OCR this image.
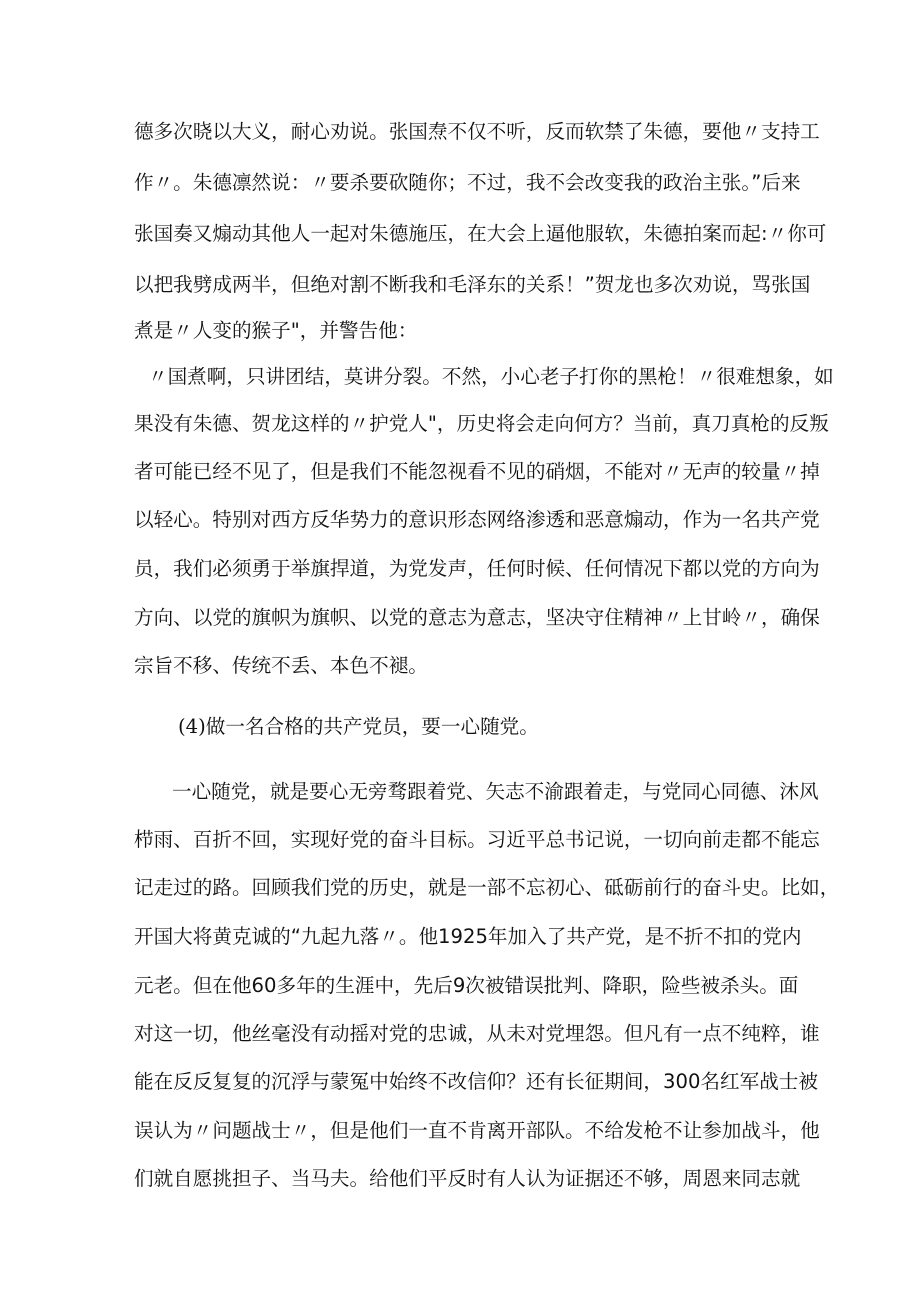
德多次晓以大义，耐心劝说。张国焘不仅不听，反而软禁了朱德，要他〃支持工
作〃。朱德凛然说：〃要杀要砍随你；不过，我不会改变我的政治主张。”后来
张国奏又煽动其他人一起对朱德施压，在大会上逼他服软，朱德拍案而起:〃你可
以把我劈成两半，但绝对割不断我和毛泽东的关系！”贺龙也多次劝说，骂张国
煮是〃人变的猴子"，并警告他：
〃国煮啊，只讲团结，莫讲分裂。不然，小心老子打你的黑枪！〃很难想象，如
果没有朱德、贺龙这样的〃护党人"，历史将会走向何方？当前，真刀真枪的反叛
者可能已经不见了，但是我们不能忽视看不见的硝烟，不能对〃无声的较量〃掉
以轻心。特别对西方反华势力的意识形态网络渗透和恶意煽动，作为一名共产党
员，我们必须勇于举旗捍道，为党发声，任何时候、任何情况下都以党的方向为
方向、以党的旗帜为旗帜、以党的意志为意志，坚决守住精神〃上甘岭〃，确保
宗旨不移、传统不丢、本色不褪。
(4)做一名合格的共产党员，要一心随党。
一心随党，就是要心无旁骛跟着党、矢志不渝跟着走，与党同心同德、沐风
栉雨、百折不回，实现好党的奋斗目标。习近平总书记说，一切向前走都不能忘
记走过的路。回顾我们党的历史，就是一部不忘初心、砥砺前行的奋斗史。比如，
开国大将黄克诚的“九起九落〃。他1925年加入了共产党，是不折不扣的党内
元老。但在他60多年的生涯中，先后9次被错误批判、降职，险些被杀头。面
对这一切，他丝毫没有动摇对党的忠诚，从未对党埋怨。但凡有一点不纯粹，谁
能在反反复复的沉浮与蒙冤中始终不改信仰？还有长征期间，300名红军战士被
误认为〃问题战士〃，但是他们一直不肯离开部队。不给发枪不让参加战斗，他
们就自愿挑担子、当马夫。给他们平反时有人认为证据还不够，周恩来同志就
